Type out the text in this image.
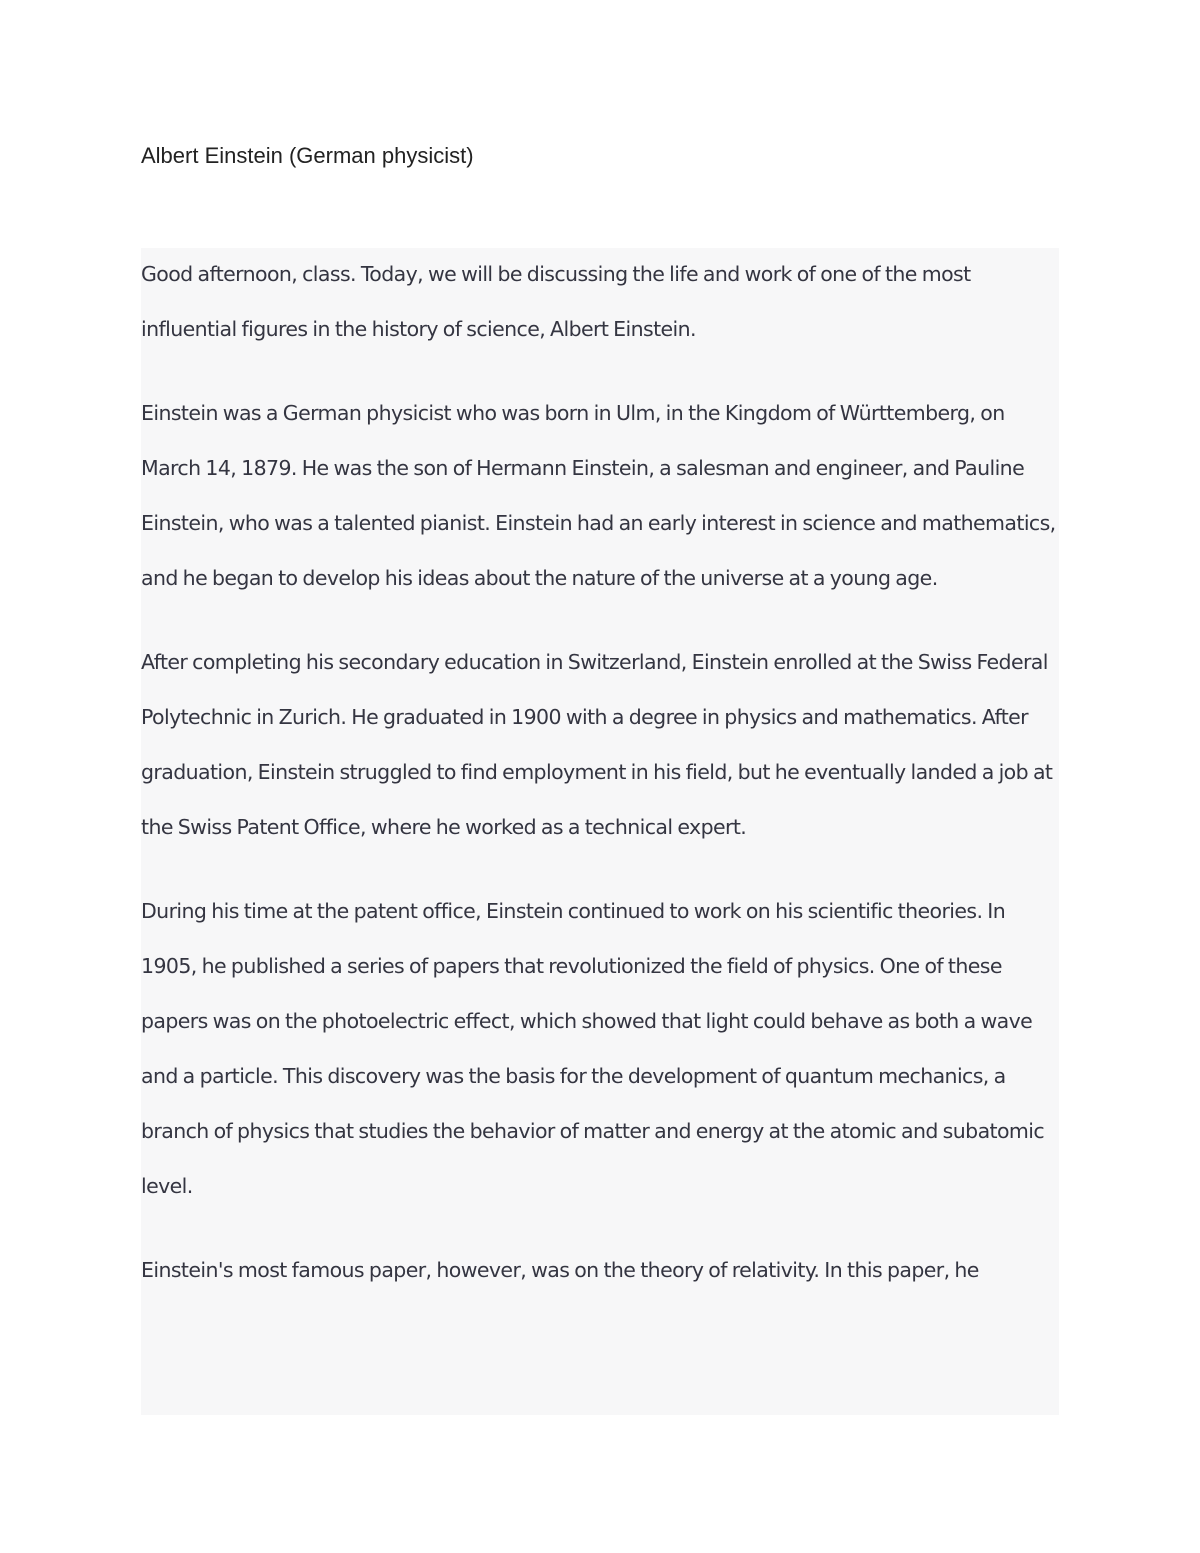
Albert Einstein (German physicist)

Good afternoon, class. Today, we will be discussing the life and work of one of the most influential figures in the history of science, Albert Einstein.

Einstein was a German physicist who was born in Ulm, in the Kingdom of Württemberg, on March 14, 1879. He was the son of Hermann Einstein, a salesman and engineer, and Pauline Einstein, who was a talented pianist. Einstein had an early interest in science and mathematics, and he began to develop his ideas about the nature of the universe at a young age.

After completing his secondary education in Switzerland, Einstein enrolled at the Swiss Federal Polytechnic in Zurich. He graduated in 1900 with a degree in physics and mathematics. After graduation, Einstein struggled to find employment in his field, but he eventually landed a job at the Swiss Patent Office, where he worked as a technical expert.

During his time at the patent office, Einstein continued to work on his scientific theories. In 1905, he published a series of papers that revolutionized the field of physics. One of these papers was on the photoelectric effect, which showed that light could behave as both a wave and a particle. This discovery was the basis for the development of quantum mechanics, a branch of physics that studies the behavior of matter and energy at the atomic and subatomic level.

Einstein's most famous paper, however, was on the theory of relativity. In this paper, he
